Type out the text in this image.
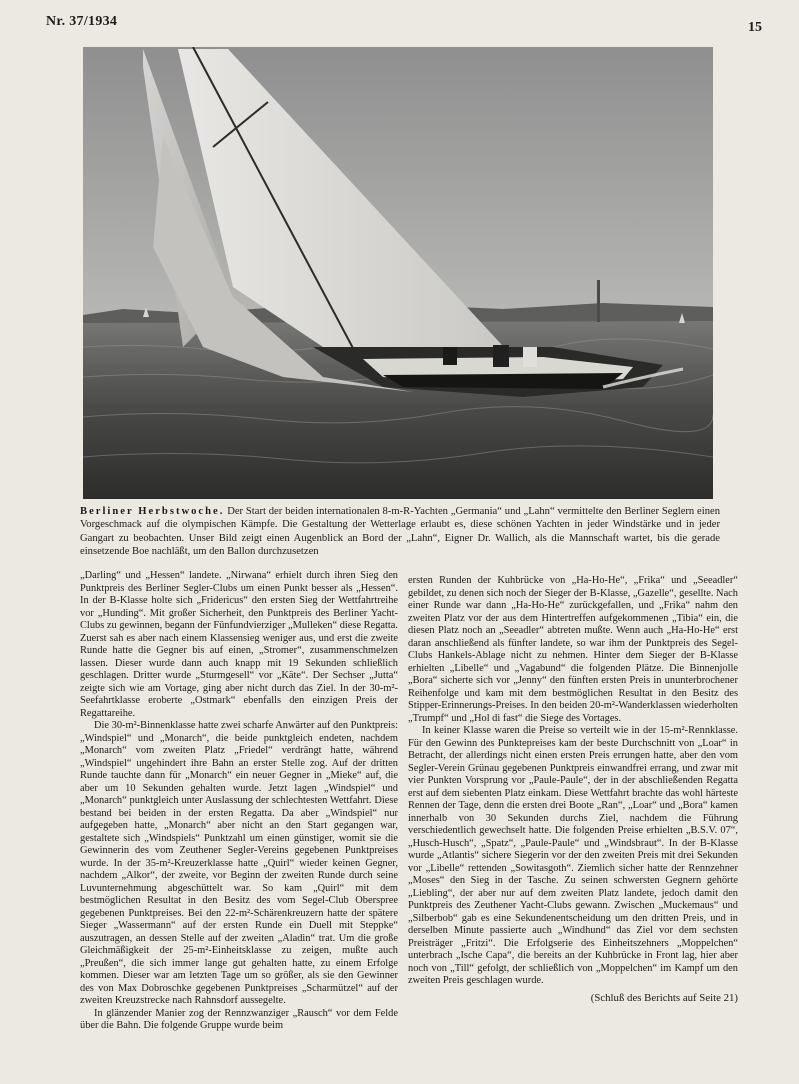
Nr. 37/1934	15
Berliner Herbstwoche. Der Start der beiden internationalen 8-m-R-Yachten „Germania“ und „Lahn“ vermittelte den Berliner Seglern einen Vorgeschmack auf die olympischen Kämpfe. Die Gestaltung der Wetterlage erlaubt es, diese schönen Yachten in jeder Windstärke und in jeder Gangart zu beobachten. Unser Bild zeigt einen Augenblick an Bord der „Lahn“, Eigner Dr. Wallich, als die Mannschaft wartet, bis die gerade einsetzende Boe nachläßt, um den Ballon durchzusetzen

„Darling“ und „Hessen“ landete. „Nirwana“ erhielt durch ihren Sieg den Punktpreis des Berliner Segler-Clubs um einen Punkt besser als „Hessen“. In der B-Klasse holte sich „Fridericus“ den ersten Sieg der Wettfahrtreihe vor „Hunding“. Mit großer Sicherheit, den Punktpreis des Berliner Yacht-Clubs zu gewinnen, begann der Fünfundvierziger „Mulleken“ diese Regatta. Zuerst sah es aber nach einem Klassensieg weniger aus, und erst die zweite Runde hatte die Gegner bis auf einen, „Stromer“, zusammenschmelzen lassen. Dieser wurde dann auch knapp mit 19 Sekunden schließlich geschlagen. Dritter wurde „Sturmgesell“ vor „Käte“. Der Sechser „Jutta“ zeigte sich wie am Vortage, ging aber nicht durch das Ziel. In der 30-m²-Seefahrtklasse eroberte „Ostmark“ ebenfalls den einzigen Preis der Regattareihe.

Die 30-m²-Binnenklasse hatte zwei scharfe Anwärter auf den Punktpreis: „Windspiel“ und „Monarch“, die beide punktgleich endeten, nachdem „Monarch“ vom zweiten Platz „Friedel“ verdrängt hatte, während „Windspiel“ ungehindert ihre Bahn an erster Stelle zog. Auf der dritten Runde tauchte dann für „Monarch“ ein neuer Gegner in „Mieke“ auf, die aber um 10 Sekunden gehalten wurde. Jetzt lagen „Windspiel“ und „Monarch“ punktgleich unter Auslassung der schlechtesten Wettfahrt. Diese bestand bei beiden in der ersten Regatta. Da aber „Windspiel“ nur aufgegeben hatte, „Monarch“ aber nicht an den Start gegangen war, gestaltete sich „Windspiels“ Punktzahl um einen günstiger, womit sie die Gewinnerin des vom Zeuthener Segler-Vereins gegebenen Punktpreises wurde. In der 35-m²-Kreuzerklasse hatte „Quirl“ wieder keinen Gegner, nachdem „Alkor“, der zweite, vor Beginn der zweiten Runde durch seine Luvunternehmung abgeschüttelt war. So kam „Quirl“ mit dem bestmöglichen Resultat in den Besitz des vom Segel-Club Oberspree gegebenen Punktpreises. Bei den 22-m²-Schärenkreuzern hatte der spätere Sieger „Wassermann“ auf der ersten Runde ein Duell mit Steppke“ auszutragen, an dessen Stelle auf der zweiten „Aladin“ trat. Um die große Gleichmäßigkeit der 25-m²-Einheitsklasse zu zeigen, mußte auch „Preußen“, die sich immer lange gut gehalten hatte, zu einem Erfolge kommen. Dieser war am letzten Tage um so größer, als sie den Gewinner des von Max Dobroschke gegebenen Punktpreises „Scharmützel“ auf der zweiten Kreuzstrecke nach Rahnsdorf aussegelte.

In glänzender Manier zog der Rennzwanziger „Rausch“ vor dem Felde über die Bahn. Die folgende Gruppe wurde beim

ersten Runden der Kuhbrücke von „Ha-Ho-He“, „Frika“ und „Seeadler“ gebildet, zu denen sich noch der Sieger der B-Klasse, „Gazelle“, gesellte. Nach einer Runde war dann „Ha-Ho-He“ zurückgefallen, und „Frika“ nahm den zweiten Platz vor der aus dem Hintertreffen aufgekommenen „Tibia“ ein, die diesen Platz noch an „Seeadler“ abtreten mußte. Wenn auch „Ha-Ho-He“ erst daran anschließend als fünfter landete, so war ihm der Punktpreis des Segel-Clubs Hankels-Ablage nicht zu nehmen. Hinter dem Sieger der B-Klasse erhielten „Libelle“ und „Vagabund“ die folgenden Plätze. Die Binnenjolle „Bora“ sicherte sich vor „Jenny“ den fünften ersten Preis in ununterbrochener Reihenfolge und kam mit dem bestmöglichen Resultat in den Besitz des Stipper-Erinnerungs-Preises. In den beiden 20-m²-Wanderklassen wiederholten „Trumpf“ und „Hol di fast“ die Siege des Vortages.

In keiner Klasse waren die Preise so verteilt wie in der 15-m²-Rennklasse. Für den Gewinn des Punktepreises kam der beste Durchschnitt von „Loar“ in Betracht, der allerdings nicht einen ersten Preis errungen hatte, aber den vom Segler-Verein Grünau gegebenen Punktpreis einwandfrei errang, und zwar mit vier Punkten Vorsprung vor „Paule-Paule“, der in der abschließenden Regatta erst auf dem siebenten Platz einkam. Diese Wettfahrt brachte das wohl härteste Rennen der Tage, denn die ersten drei Boote „Ran“, „Loar“ und „Bora“ kamen innerhalb von 30 Sekunden durchs Ziel, nachdem die Führung verschiedentlich gewechselt hatte. Die folgenden Preise erhielten „B.S.V. 07“, „Husch-Husch“, „Spatz“, „Paule-Paule“ und „Windsbraut“. In der B-Klasse wurde „Atlantis“ sichere Siegerin vor der den zweiten Preis mit drei Sekunden vor „Libelle“ rettenden „Sowitasgoth“. Ziemlich sicher hatte der Rennzehner „Moses“ den Sieg in der Tasche. Zu seinen schwersten Gegnern gehörte „Liebling“, der aber nur auf dem zweiten Platz landete, jedoch damit den Punktpreis des Zeuthener Yacht-Clubs gewann. Zwischen „Muckemaus“ und „Silberbob“ gab es eine Sekundenentscheidung um den dritten Preis, und in derselben Minute passierte auch „Windhund“ das Ziel vor dem sechsten Preisträger „Fritzi“. Die Erfolgserie des Einheitszehners „Moppelchen“ unterbrach „Ische Capa“, die bereits an der Kuhbrücke in Front lag, hier aber noch von „Till“ gefolgt, der schließlich von „Moppelchen“ im Kampf um den zweiten Preis geschlagen wurde.

(Schluß des Berichts auf Seite 21)
